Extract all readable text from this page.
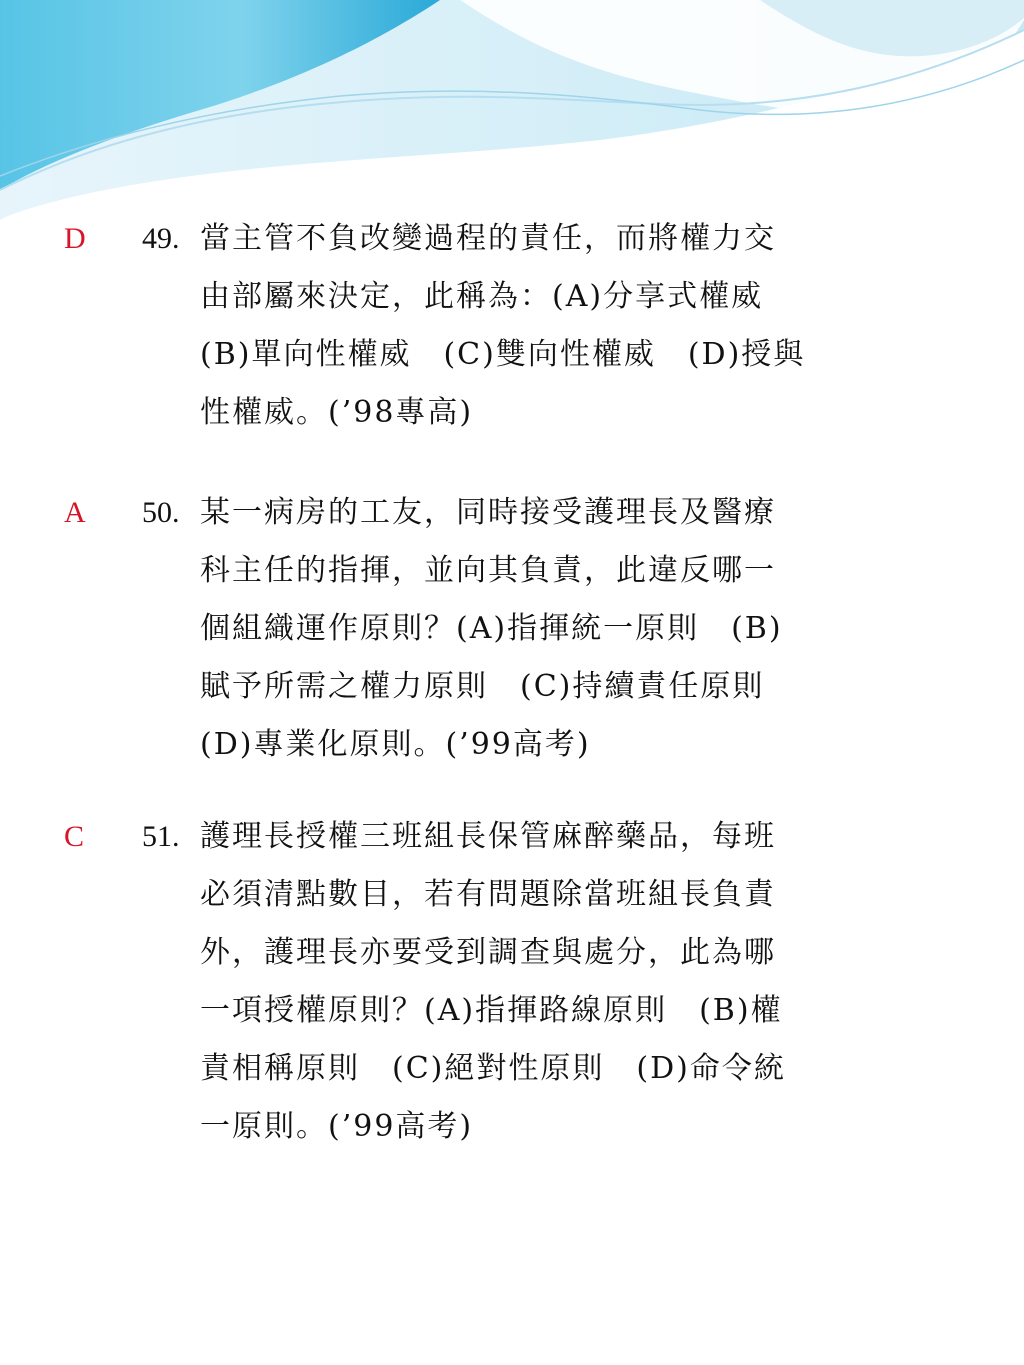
D 49. 當主管不負改變過程的責任，而將權力交
由部屬來決定，此稱為：(A)分享式權威
(B)單向性權威　(C)雙向性權威　(D)授與
性權威。(’98專高)
A 50. 某一病房的工友，同時接受護理長及醫療
科主任的指揮，並向其負責，此違反哪一
個組織運作原則？(A)指揮統一原則　(B)
賦予所需之權力原則　(C)持續責任原則
(D)專業化原則。(’99高考)
C 51. 護理長授權三班組長保管麻醉藥品，每班
必須清點數目，若有問題除當班組長負責
外，護理長亦要受到調查與處分，此為哪
一項授權原則？(A)指揮路線原則　(B)權
責相稱原則　(C)絕對性原則　(D)命令統
一原則。(’99高考)
